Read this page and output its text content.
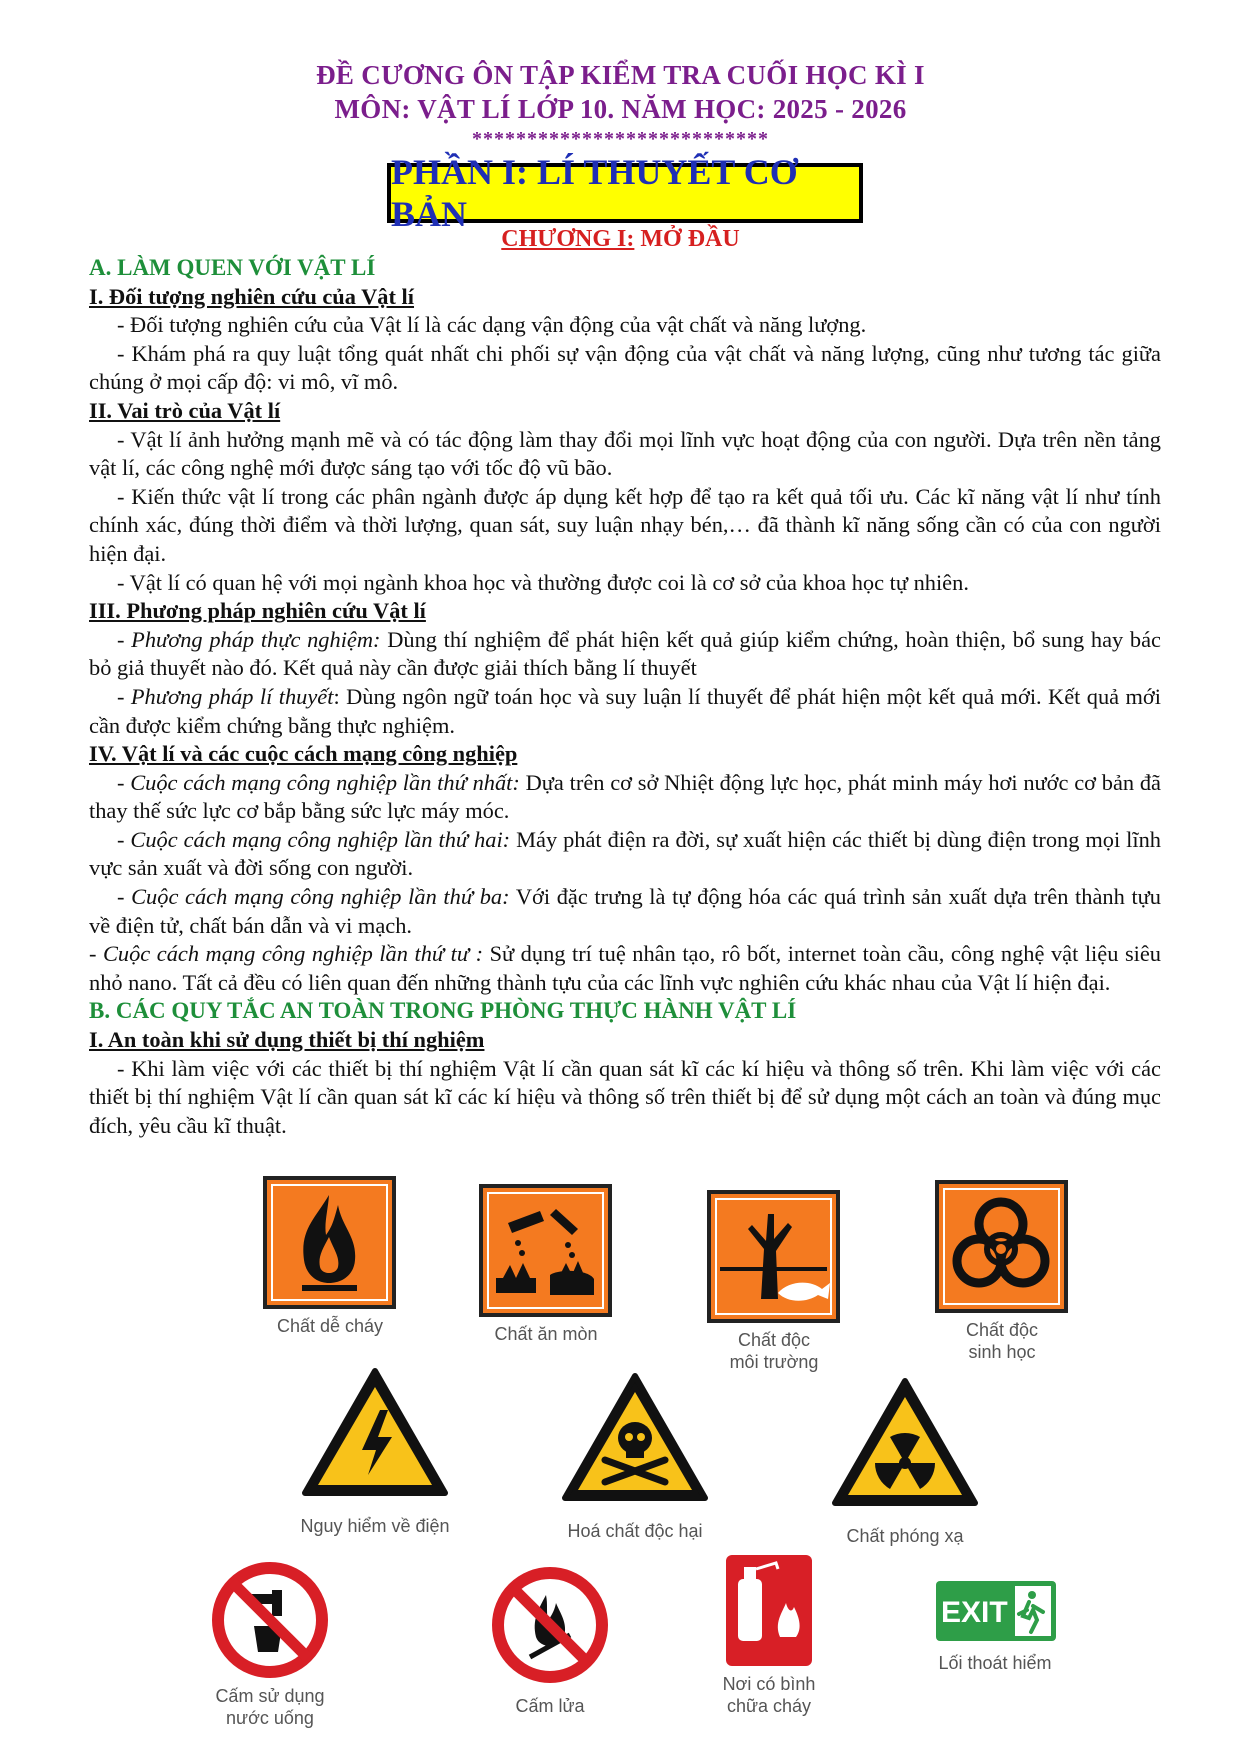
ĐỀ CƯƠNG ÔN TẬP KIỂM TRA CUỐI HỌC KÌ I
MÔN: VẬT LÍ LỚP 10. NĂM HỌC: 2025 - 2026
***************************
PHẦN I: LÍ THUYẾT CƠ BẢN
CHƯƠNG I: MỞ ĐẦU

A. LÀM QUEN VỚI VẬT LÍ

I. Đối tượng nghiên cứu của Vật lí

- Đối tượng nghiên cứu của Vật lí là các dạng vận động của vật chất và năng lượng.

- Khám phá ra quy luật tổng quát nhất chi phối sự vận động của vật chất và năng lượng, cũng như tương tác giữa chúng ở mọi cấp độ: vi mô, vĩ mô.

II. Vai trò của Vật lí

- Vật lí ảnh hưởng mạnh mẽ và có tác động làm thay đổi mọi lĩnh vực hoạt động của con người. Dựa trên nền tảng vật lí, các công nghệ mới được sáng tạo với tốc độ vũ bão.

- Kiến thức vật lí trong các phân ngành được áp dụng kết hợp để tạo ra kết quả tối ưu. Các kĩ năng vật lí như tính chính xác, đúng thời điểm và thời lượng, quan sát, suy luận nhạy bén,… đã thành kĩ năng sống cần có của con người hiện đại.

- Vật lí có quan hệ với mọi ngành khoa học và thường được coi là cơ sở của khoa học tự nhiên.

III. Phương pháp nghiên cứu Vật lí

- Phương pháp thực nghiệm: Dùng thí nghiệm để phát hiện kết quả giúp kiểm chứng, hoàn thiện, bổ sung hay bác bỏ giả thuyết nào đó. Kết quả này cần được giải thích bằng lí thuyết

- Phương pháp lí thuyết: Dùng ngôn ngữ toán học và suy luận lí thuyết để phát hiện một kết quả mới. Kết quả mới cần được kiểm chứng bằng thực nghiệm.

IV. Vật lí và các cuộc cách mạng công nghiệp

- Cuộc cách mạng công nghiệp lần thứ nhất: Dựa trên cơ sở Nhiệt động lực học, phát minh máy hơi nước cơ bản đã thay thế sức lực cơ bắp bằng sức lực máy móc.

- Cuộc cách mạng công nghiệp lần thứ hai: Máy phát điện ra đời, sự xuất hiện các thiết bị dùng điện trong mọi lĩnh vực sản xuất và đời sống con người.

- Cuộc cách mạng công nghiệp lần thứ ba: Với đặc trưng là tự động hóa các quá trình sản xuất dựa trên thành tựu về điện tử, chất bán dẫn và vi mạch.

- Cuộc cách mạng công nghiệp lần thứ tư : Sử dụng trí tuệ nhân tạo, rô bốt, internet toàn cầu, công nghệ vật liệu siêu nhỏ nano. Tất cả đều có liên quan đến những thành tựu của các lĩnh vực nghiên cứu khác nhau của Vật lí hiện đại.

B. CÁC QUY TẮC AN TOÀN TRONG PHÒNG THỰC HÀNH VẬT LÍ

I. An toàn khi sử dụng thiết bị thí nghiệm

- Khi làm việc với các thiết bị thí nghiệm Vật lí cần quan sát kĩ các kí hiệu và thông số trên. Khi làm việc với các thiết bị thí nghiệm Vật lí cần quan sát kĩ các kí hiệu và thông số trên thiết bị để sử dụng một cách an toàn và đúng mục đích, yêu cầu kĩ thuật.

Chất dễ cháy	Chất ăn mòn	Chất độc
môi trường
Chất độc
sinh học
Nguy hiểm về điện	Hoá chất độc hại	Chất phóng xạ
Cấm sử dụng
nước uống
Cấm lửa
Nơi có bình
chữa cháy
EXIT
Lối thoát hiểm
